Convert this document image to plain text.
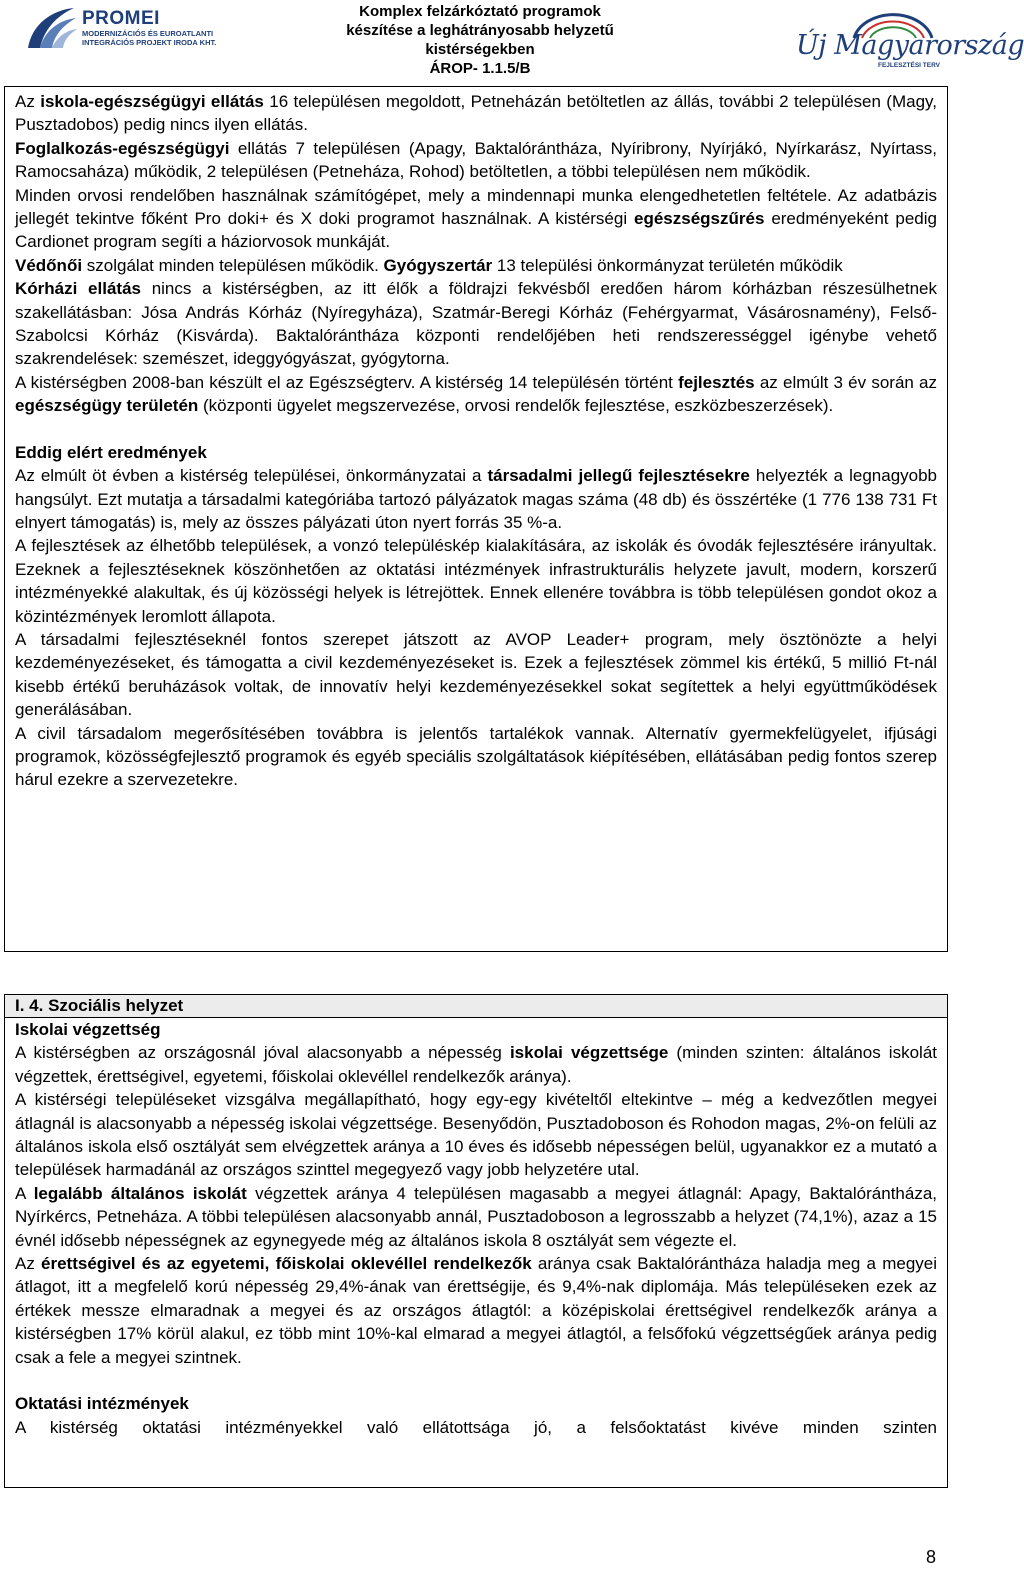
PROMEI
MODERNIZÁCIÓS ÉS EUROATLANTI
INTEGRÁCIÓS PROJEKT IRODA KHT.
Komplex felzárkóztató programok
készítése a leghátrányosabb helyzetű
kistérségekben
ÁROP- 1.1.5/B
Új Magyarország
FEJLESZTÉSI TERV

Az iskola-egészségügyi ellátás 16 településen megoldott, Petneházán betöltetlen az állás, további 2 településen (Magy, Pusztadobos) pedig nincs ilyen ellátás.

Foglalkozás-egészségügyi ellátás 7 településen (Apagy, Baktalórántháza, Nyíribrony, Nyírjákó, Nyírkarász, Nyírtass, Ramocsaháza) működik, 2 településen (Petneháza, Rohod) betöltetlen, a többi településen nem működik.

Minden orvosi rendelőben használnak számítógépet, mely a mindennapi munka elengedhetetlen feltétele. Az adatbázis jellegét tekintve főként Pro doki+ és X doki programot használnak. A kistérségi egészségszűrés eredményeként pedig Cardionet program segíti a háziorvosok munkáját.

Védőnői szolgálat minden településen működik. Gyógyszertár 13 települési önkormányzat területén működik

Kórházi ellátás nincs a kistérségben, az itt élők a földrajzi fekvésből eredően három kórházban részesülhetnek szakellátásban: Jósa András Kórház (Nyíregyháza), Szatmár-Beregi Kórház (Fehérgyarmat, Vásárosnamény), Felső-Szabolcsi Kórház (Kisvárda). Baktalórántháza központi rendelőjében heti rendszerességgel igénybe vehető szakrendelések: szemészet, ideggyógyászat, gyógytorna.

A kistérségben 2008-ban készült el az Egészségterv. A kistérség 14 településén történt fejlesztés az elmúlt 3 év során az egészségügy területén (központi ügyelet megszervezése, orvosi rendelők fejlesztése, eszközbeszerzések).

Eddig elért eredmények

Az elmúlt öt évben a kistérség települései, önkormányzatai a társadalmi jellegű fejlesztésekre helyezték a legnagyobb hangsúlyt. Ezt mutatja a társadalmi kategóriába tartozó pályázatok magas száma (48 db) és összértéke (1 776 138 731 Ft elnyert támogatás) is, mely az összes pályázati úton nyert forrás 35 %-a.

A fejlesztések az élhetőbb települések, a vonzó településkép kialakítására, az iskolák és óvodák fejlesztésére irányultak. Ezeknek a fejlesztéseknek köszönhetően az oktatási intézmények infrastrukturális helyzete javult, modern, korszerű intézményekké alakultak, és új közösségi helyek is létrejöttek. Ennek ellenére továbbra is több településen gondot okoz a közintézmények leromlott állapota.

A társadalmi fejlesztéseknél fontos szerepet játszott az AVOP Leader+ program, mely ösztönözte a helyi kezdeményezéseket, és támogatta a civil kezdeményezéseket is. Ezek a fejlesztések zömmel kis értékű, 5 millió Ft-nál kisebb értékű beruházások voltak, de innovatív helyi kezdeményezésekkel sokat segítettek a helyi együttműködések generálásában.

A civil társadalom megerősítésében továbbra is jelentős tartalékok vannak. Alternatív gyermekfelügyelet, ifjúsági programok, közösségfejlesztő programok és egyéb speciális szolgáltatások kiépítésében, ellátásában pedig fontos szerep hárul ezekre a szervezetekre.

I. 4. Szociális helyzet

Iskolai végzettség

A kistérségben az országosnál jóval alacsonyabb a népesség iskolai végzettsége (minden szinten: általános iskolát végzettek, érettségivel, egyetemi, főiskolai oklevéllel rendelkezők aránya).

A kistérségi településeket vizsgálva megállapítható, hogy egy-egy kivételtől eltekintve – még a kedvezőtlen megyei átlagnál is alacsonyabb a népesség iskolai végzettsége. Besenyődön, Pusztadoboson és Rohodon magas, 2%-on felüli az általános iskola első osztályát sem elvégzettek aránya a 10 éves és idősebb népességen belül, ugyanakkor ez a mutató a települések harmadánál az országos szinttel megegyező vagy jobb helyzetére utal.

A legalább általános iskolát végzettek aránya 4 településen magasabb a megyei átlagnál: Apagy, Baktalórántháza, Nyírkércs, Petneháza. A többi településen alacsonyabb annál, Pusztadoboson a legrosszabb a helyzet (74,1%), azaz a 15 évnél idősebb népességnek az egynegyede még az általános iskola 8 osztályát sem végezte el.

Az érettségivel és az egyetemi, főiskolai oklevéllel rendelkezők aránya csak Baktalórántháza haladja meg a megyei átlagot, itt a megfelelő korú népesség 29,4%-ának van érettségije, és 9,4%-nak diplomája. Más településeken ezek az értékek messze elmaradnak a megyei és az országos átlagtól: a középiskolai érettségivel rendelkezők aránya a kistérségben 17% körül alakul, ez több mint 10%-kal elmarad a megyei átlagtól, a felsőfokú végzettségűek aránya pedig csak a fele a megyei szintnek.

Oktatási intézmények

A kistérség oktatási intézményekkel való ellátottsága jó, a felsőoktatást kivéve minden szinten

8
